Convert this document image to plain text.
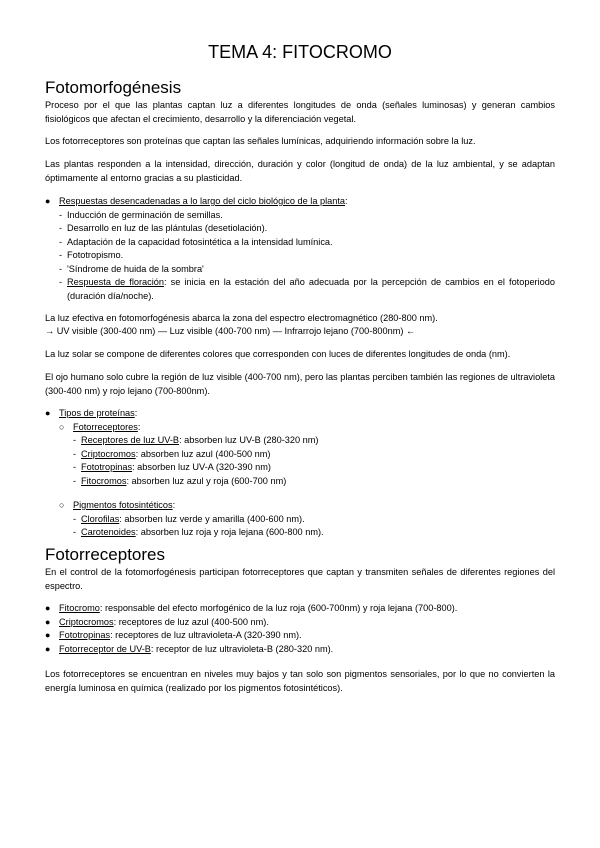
TEMA 4: FITOCROMO
Fotomorfogénesis
Proceso por el que las plantas captan luz a diferentes longitudes de onda (señales luminosas) y generan cambios fisiológicos que afectan el crecimiento, desarrollo y la diferenciación vegetal.
Los fotorreceptores son proteínas que captan las señales lumínicas, adquiriendo información sobre la luz.
Las plantas responden a la intensidad, dirección, duración y color (longitud de onda) de la luz ambiental, y se adaptan óptimamente al entorno gracias a su plasticidad.
● Respuestas desencadenadas a lo largo del ciclo biológico de la planta:
- Inducción de germinación de semillas.
- Desarrollo en luz de las plántulas (desetiolación).
- Adaptación de la capacidad fotosintética a la intensidad lumínica.
- Fototropismo.
- 'Síndrome de huida de la sombra'
- Respuesta de floración: se inicia en la estación del año adecuada por la percepción de cambios en el fotoperiodo (duración día/noche).
La luz efectiva en fotomorfogénesis abarca la zona del espectro electromagnético (280-800 nm).
→ UV visible (300-400 nm) — Luz visible (400-700 nm) — Infrarrojo lejano (700-800nm) ←
La luz solar se compone de diferentes colores que corresponden con luces de diferentes longitudes de onda (nm).
El ojo humano solo cubre la región de luz visible (400-700 nm), pero las plantas perciben también las regiones de ultravioleta (300-400 nm) y rojo lejano (700-800nm).
● Tipos de proteínas:
○ Fotorreceptores:
- Receptores de luz UV-B: absorben luz UV-B (280-320 nm)
- Criptocromos: absorben luz azul (400-500 nm)
- Fototropinas: absorben luz UV-A (320-390 nm)
- Fitocromos: absorben luz azul y roja (600-700 nm)
○ Pigmentos fotosintéticos:
- Clorofilas: absorben luz verde y amarilla (400-600 nm).
- Carotenoides: absorben luz roja y roja lejana (600-800 nm).
Fotorreceptores
En el control de la fotomorfogénesis participan fotorreceptores que captan y transmiten señales de diferentes regiones del espectro.
● Fitocromo: responsable del efecto morfogénico de la luz roja (600-700nm) y roja lejana (700-800).
● Criptocromos: receptores de luz azul (400-500 nm).
● Fototropinas: receptores de luz ultravioleta-A (320-390 nm).
● Fotorreceptor de UV-B: receptor de luz ultravioleta-B (280-320 nm).
Los fotorreceptores se encuentran en niveles muy bajos y tan solo son pigmentos sensoriales, por lo que no convierten la energía luminosa en química (realizado por los pigmentos fotosintéticos).
